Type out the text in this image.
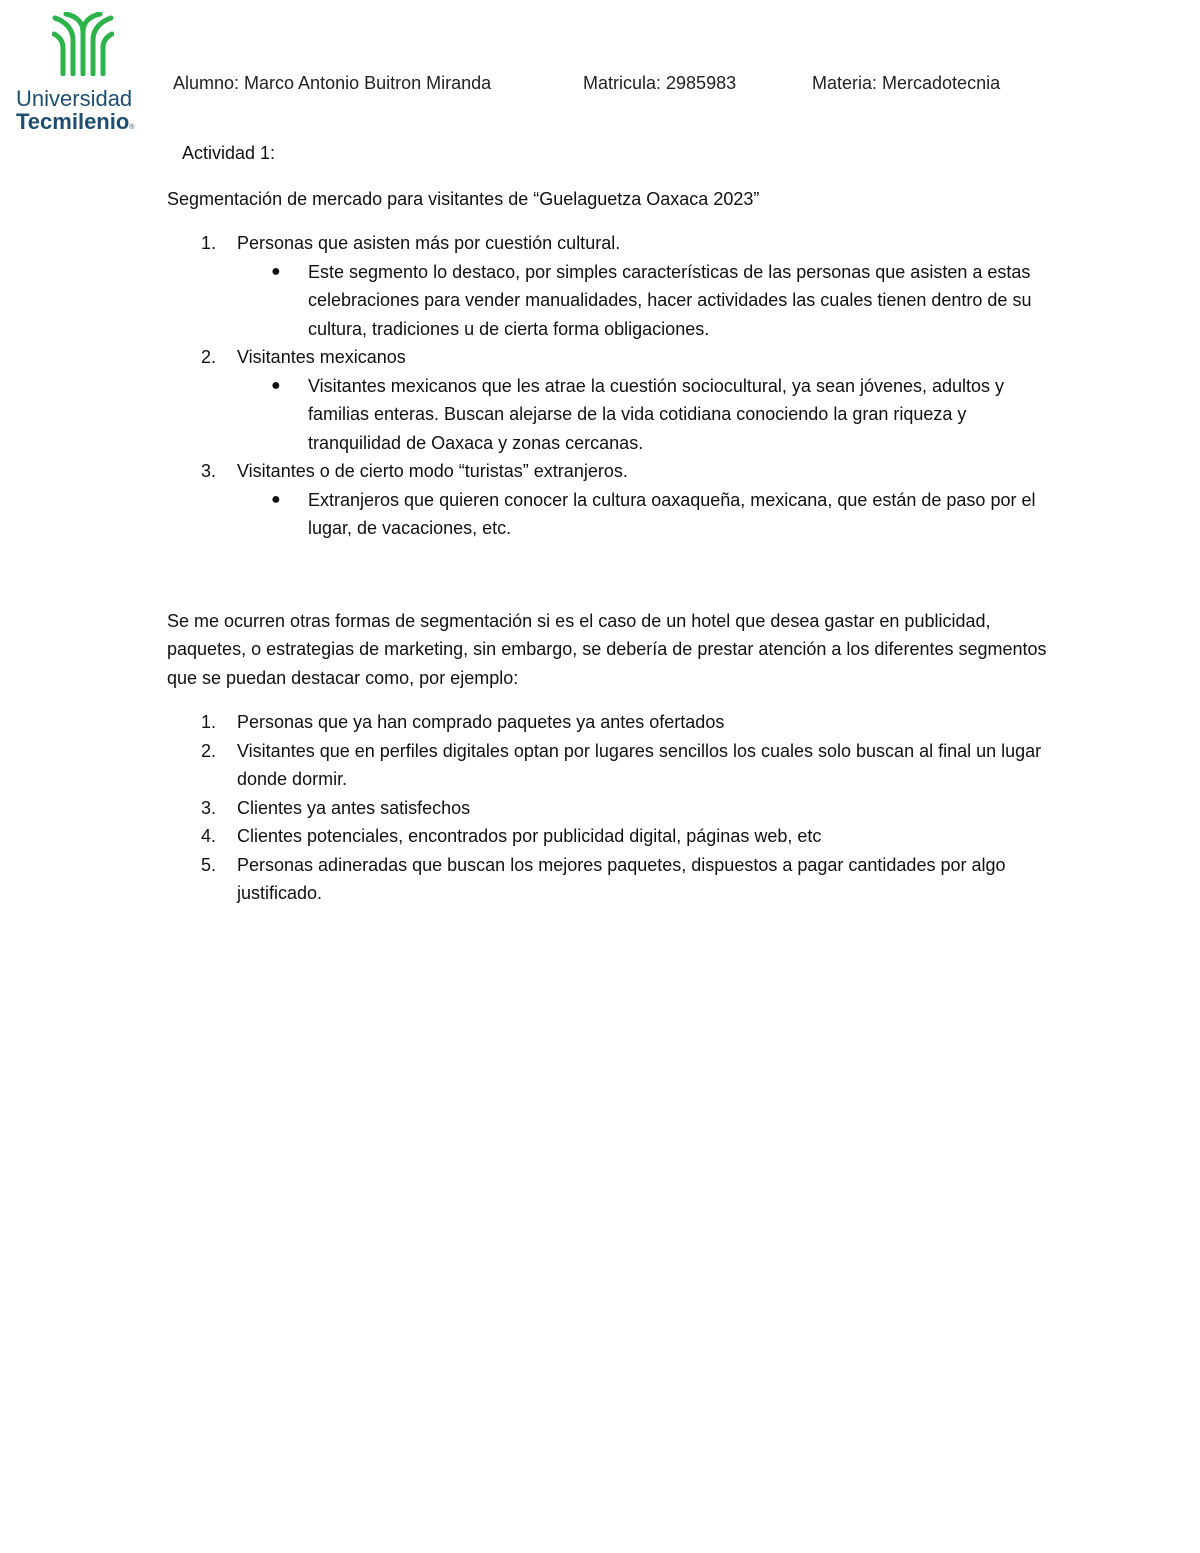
Universidad
Tecmilenio®
Alumno: Marco Antonio Buitron Miranda	Matricula: 2985983	Materia: Mercadotecnia

Actividad 1:

Segmentación de mercado para visitantes de “Guelaguetza Oaxaca 2023”

1. Personas que asisten más por cuestión cultural.
● Este segmento lo destaco, por simples características de las personas que asisten a estas celebraciones para vender manualidades, hacer actividades las cuales tienen dentro de su cultura, tradiciones u de cierta forma obligaciones.
2. Visitantes mexicanos
● Visitantes mexicanos que les atrae la cuestión sociocultural, ya sean jóvenes, adultos y familias enteras. Buscan alejarse de la vida cotidiana conociendo la gran riqueza y tranquilidad de Oaxaca y zonas cercanas.
3. Visitantes o de cierto modo “turistas” extranjeros.
● Extranjeros que quieren conocer la cultura oaxaqueña, mexicana, que están de paso por el lugar, de vacaciones, etc.

Se me ocurren otras formas de segmentación si es el caso de un hotel que desea gastar en publicidad, paquetes, o estrategias de marketing, sin embargo, se debería de prestar atención a los diferentes segmentos que se puedan destacar como, por ejemplo:

1. Personas que ya han comprado paquetes ya antes ofertados
2. Visitantes que en perfiles digitales optan por lugares sencillos los cuales solo buscan al final un lugar donde dormir.
3. Clientes ya antes satisfechos
4. Clientes potenciales, encontrados por publicidad digital, páginas web, etc
5. Personas adineradas que buscan los mejores paquetes, dispuestos a pagar cantidades por algo justificado.
